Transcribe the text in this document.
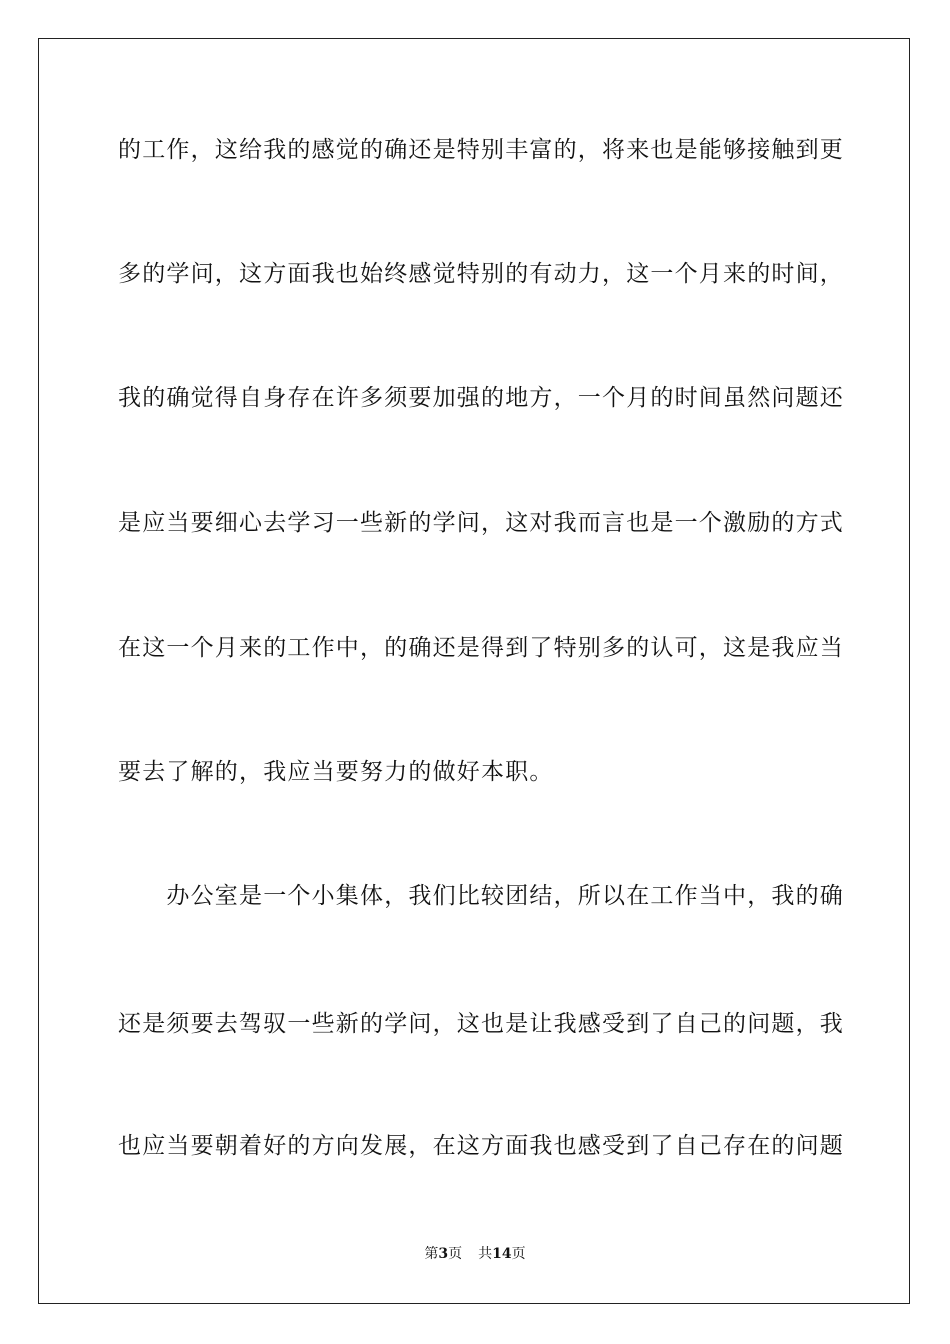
的工作，这给我的感觉的确还是特别丰富的，将来也是能够接触到更
多的学问，这方面我也始终感觉特别的有动力，这一个月来的时间，
我的确觉得自身存在许多须要加强的地方，一个月的时间虽然问题还
是应当要细心去学习一些新的学问，这对我而言也是一个激励的方式
在这一个月来的工作中，的确还是得到了特别多的认可，这是我应当
要去了解的，我应当要努力的做好本职。
　　办公室是一个小集体，我们比较团结，所以在工作当中，我的确
还是须要去驾驭一些新的学问，这也是让我感受到了自己的问题，我
也应当要朝着好的方向发展，在这方面我也感受到了自己存在的问题
第3页 共14页
